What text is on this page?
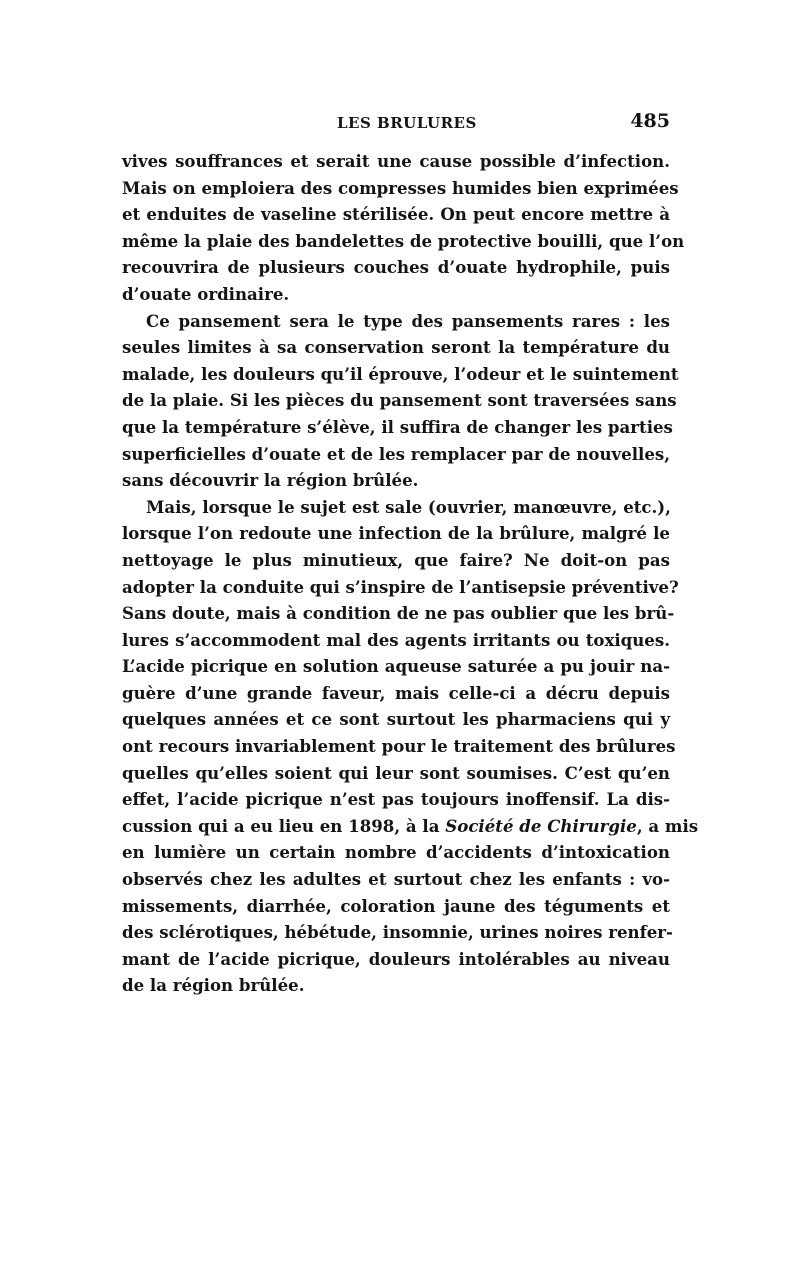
LES BRULURES	485
vives souffrances et serait une cause possible d’infection.
Mais on emploiera des compresses humides bien exprimées
et enduites de vaseline stérilisée. On peut encore mettre à
même la plaie des bandelettes de protective bouilli, que l’on
recouvrira de plusieurs couches d’ouate hydrophile, puis
d’ouate ordinaire.
Ce pansement sera le type des pansements rares : les
seules limites à sa conservation seront la température du
malade, les douleurs qu’il éprouve, l’odeur et le suintement
de la plaie. Si les pièces du pansement sont traversées sans
que la température s’élève, il suffira de changer les parties
superficielles d’ouate et de les remplacer par de nouvelles,
sans découvrir la région brûlée.
Mais, lorsque le sujet est sale (ouvrier, manœuvre, etc.),
lorsque l’on redoute une infection de la brûlure, malgré le
nettoyage le plus minutieux, que faire? Ne doit-on pas
adopter la conduite qui s’inspire de l’antisepsie préventive?
Sans doute, mais à condition de ne pas oublier que les brû-
lures s’accommodent mal des agents irritants ou toxiques.
L’acide picrique en solution aqueuse saturée a pu jouir na-
guère d’une grande faveur, mais celle-ci a décru depuis
quelques années et ce sont surtout les pharmaciens qui y
ont recours invariablement pour le traitement des brûlures
quelles qu’elles soient qui leur sont soumises. C’est qu’en
effet, l’acide picrique n’est pas toujours inoffensif. La dis-
cussion qui a eu lieu en 1898, à la Société de Chirurgie, a mis
en lumière un certain nombre d’accidents d’intoxication
observés chez les adultes et surtout chez les enfants : vo-
missements, diarrhée, coloration jaune des téguments et
des sclérotiques, hébétude, insomnie, urines noires renfer-
mant de l’acide picrique, douleurs intolérables au niveau
de la région brûlée.
